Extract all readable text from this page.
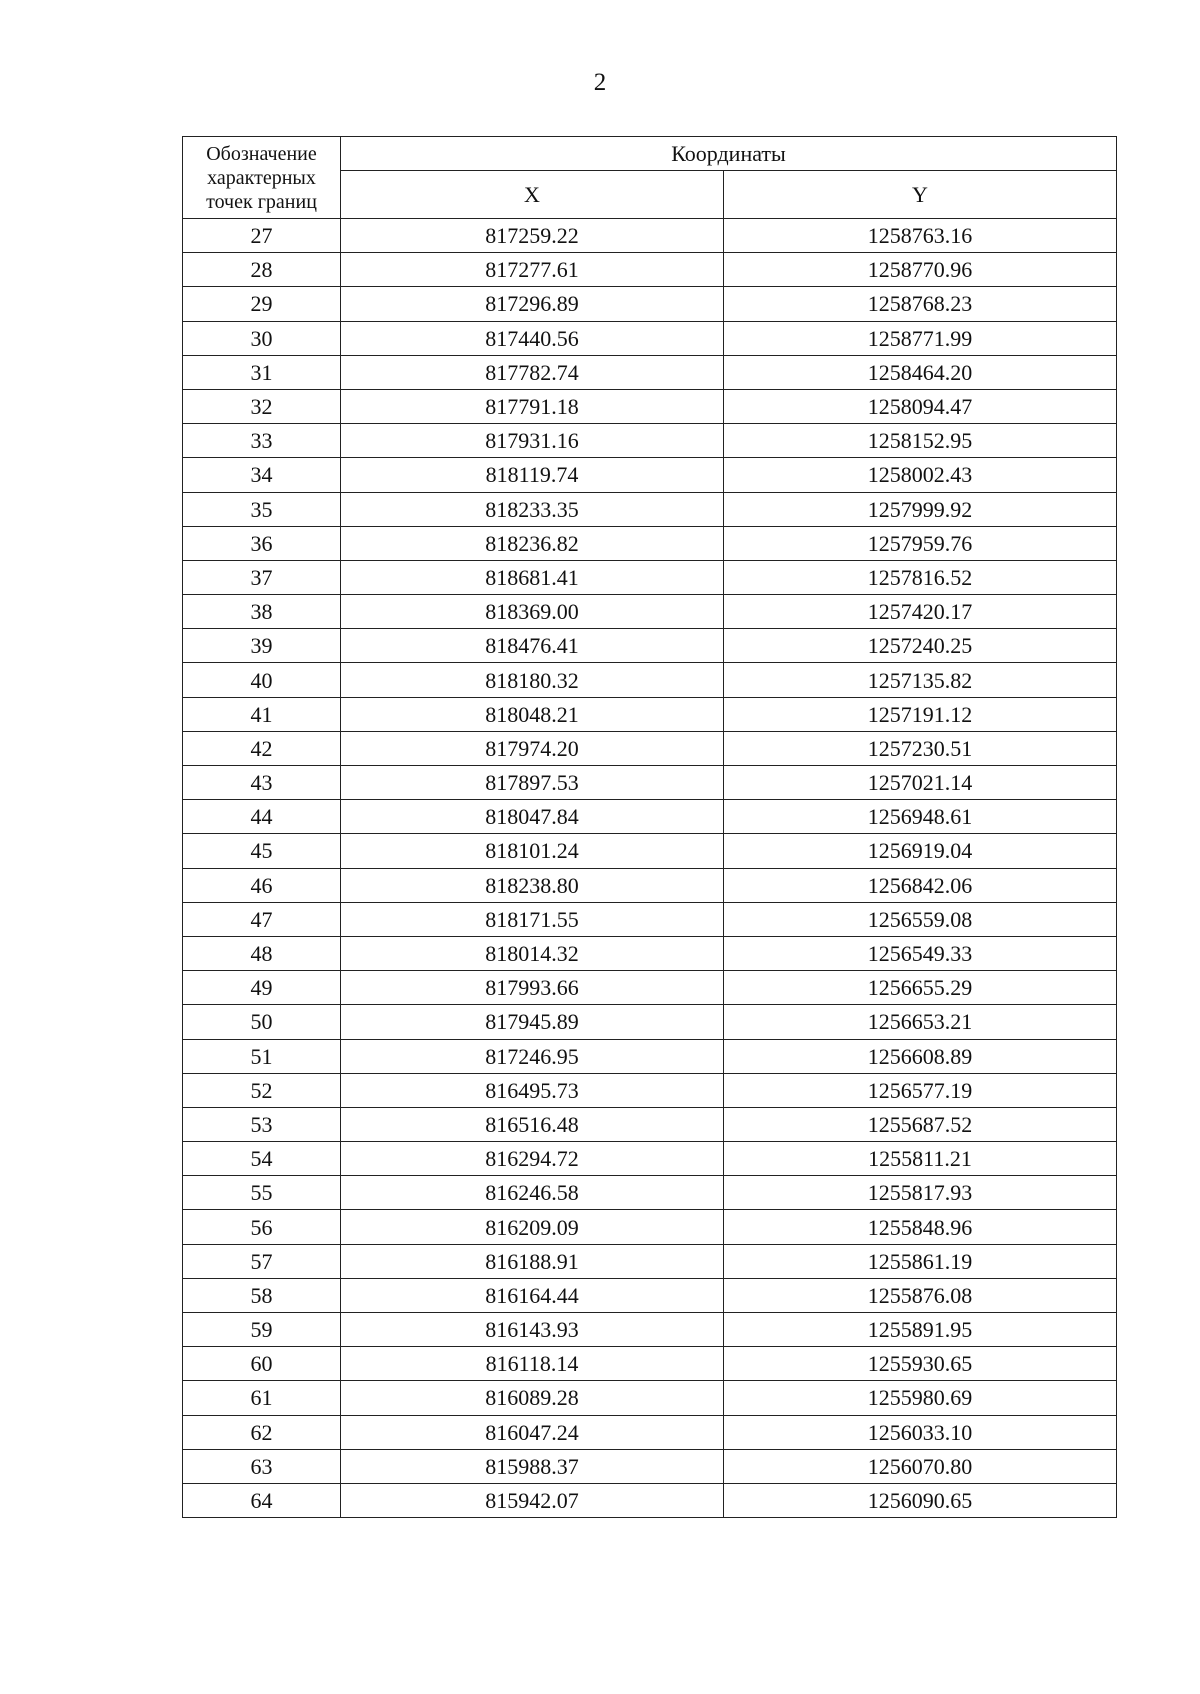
2
Обозначение характерных точек границ	Координаты	
	X	Y
27	817259.22	1258763.16
28	817277.61	1258770.96
29	817296.89	1258768.23
30	817440.56	1258771.99
31	817782.74	1258464.20
32	817791.18	1258094.47
33	817931.16	1258152.95
34	818119.74	1258002.43
35	818233.35	1257999.92
36	818236.82	1257959.76
37	818681.41	1257816.52
38	818369.00	1257420.17
39	818476.41	1257240.25
40	818180.32	1257135.82
41	818048.21	1257191.12
42	817974.20	1257230.51
43	817897.53	1257021.14
44	818047.84	1256948.61
45	818101.24	1256919.04
46	818238.80	1256842.06
47	818171.55	1256559.08
48	818014.32	1256549.33
49	817993.66	1256655.29
50	817945.89	1256653.21
51	817246.95	1256608.89
52	816495.73	1256577.19
53	816516.48	1255687.52
54	816294.72	1255811.21
55	816246.58	1255817.93
56	816209.09	1255848.96
57	816188.91	1255861.19
58	816164.44	1255876.08
59	816143.93	1255891.95
60	816118.14	1255930.65
61	816089.28	1255980.69
62	816047.24	1256033.10
63	815988.37	1256070.80
64	815942.07	1256090.65
